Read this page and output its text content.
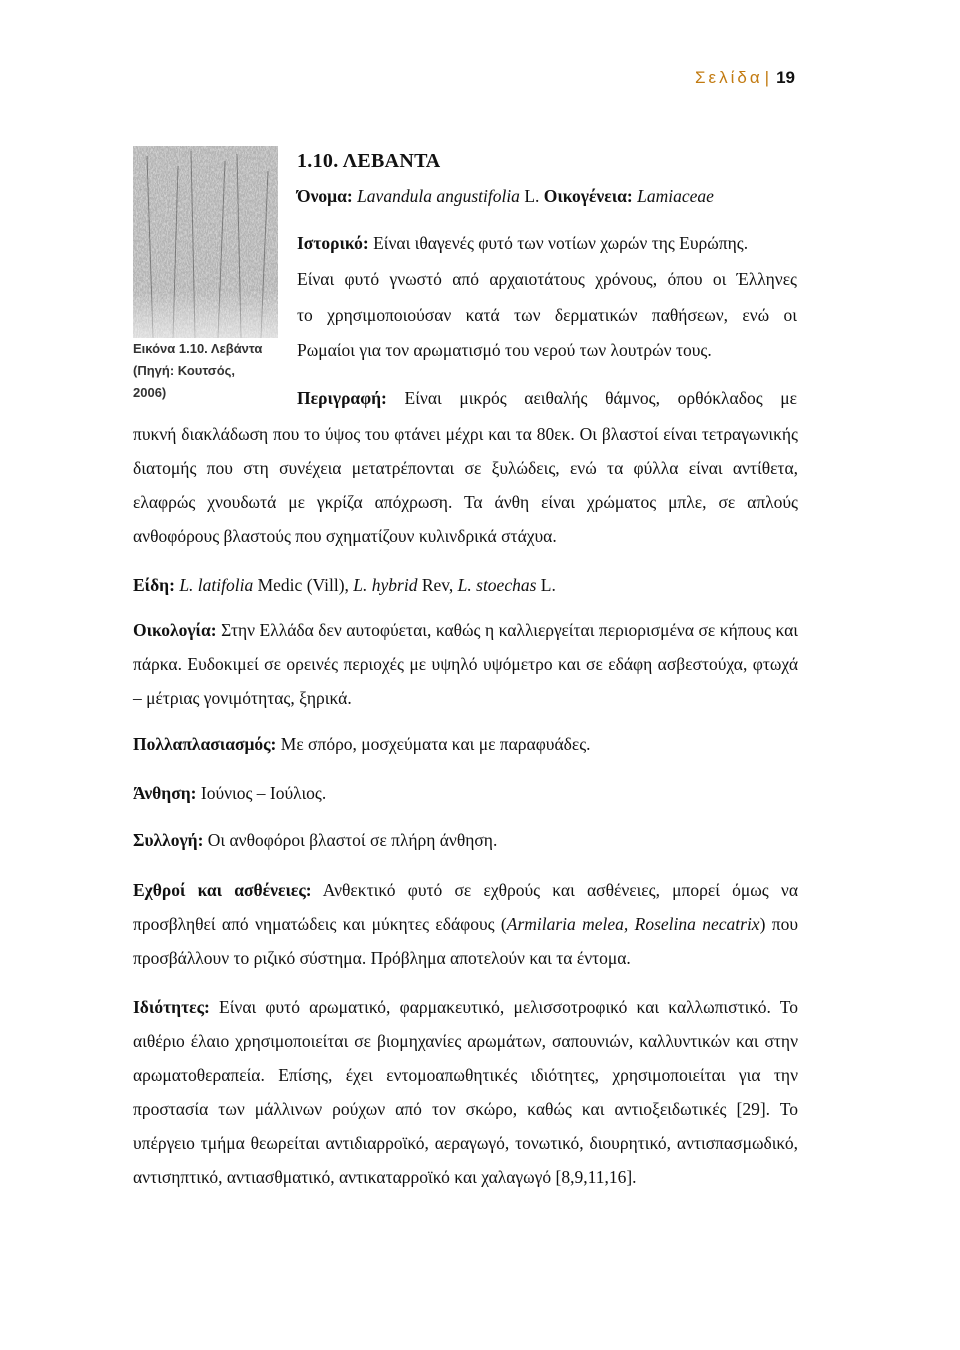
Σελίδα | 19
Εικόνα 1.10. Λεβάντα
(Πηγή: Κουτσός,
2006)
1.10. ΛΕΒΑΝΤΑ
Όνομα: Lavandula angustifolia L. Οικογένεια: Lamiaceae
Ιστορικό: Είναι ιθαγενές φυτό των νοτίων χωρών της Ευρώπης.
Είναι φυτό γνωστό από αρχαιοτάτους χρόνους, όπου οι Έλληνες
το χρησιμοποιούσαν κατά των δερματικών παθήσεων, ενώ οι
Ρωμαίοι για τον αρωματισμό του νερού των λουτρών τους.
Περιγραφή: Είναι μικρός αειθαλής θάμνος, ορθόκλαδος με
πυκνή διακλάδωση που το ύψος του φτάνει μέχρι και τα 80εκ. Οι βλαστοί είναι τετραγωνικής διατομής που στη συνέχεια μετατρέπονται σε ξυλώδεις, ενώ τα φύλλα είναι αντίθετα, ελαφρώς χνουδωτά με γκρίζα απόχρωση. Τα άνθη είναι χρώματος μπλε, σε απλούς ανθοφόρους βλαστούς που σχηματίζουν κυλινδρικά στάχυα.
Είδη: L. latifolia Medic (Vill), L. hybrid Rev, L. stoechas L.
Οικολογία: Στην Ελλάδα δεν αυτοφύεται, καθώς η καλλιεργείται περιορισμένα σε κήπους και πάρκα. Ευδοκιμεί σε ορεινές περιοχές με υψηλό υψόμετρο και σε εδάφη ασβεστούχα, φτωχά – μέτριας γονιμότητας, ξηρικά.
Πολλαπλασιασμός: Με σπόρο, μοσχεύματα και με παραφυάδες.
Άνθηση: Ιούνιος – Ιούλιος.
Συλλογή: Οι ανθοφόροι βλαστοί σε πλήρη άνθηση.
Εχθροί και ασθένειες: Ανθεκτικό φυτό σε εχθρούς και ασθένειες, μπορεί όμως να προσβληθεί από νηματώδεις και μύκητες εδάφους (Armilaria melea, Roselina necatrix) που προσβάλλουν το ριζικό σύστημα. Πρόβλημα αποτελούν και τα έντομα.
Ιδιότητες: Είναι φυτό αρωματικό, φαρμακευτικό, μελισσοτροφικό και καλλωπιστικό. Το αιθέριο έλαιο χρησιμοποιείται σε βιομηχανίες αρωμάτων, σαπουνιών, καλλυντικών και στην αρωματοθεραπεία. Επίσης, έχει εντομοαπωθητικές ιδιότητες, χρησιμοποιείται για την προστασία των μάλλινων ρούχων από τον σκώρο, καθώς και αντιοξειδωτικές [29]. Το υπέργειο τμήμα θεωρείται αντιδιαρροϊκό, αεραγωγό, τονωτικό, διουρητικό, αντισπασμωδικό, αντισηπτικό, αντιασθματικό, αντικαταρροϊκό και χαλαγωγό [8,9,11,16].
